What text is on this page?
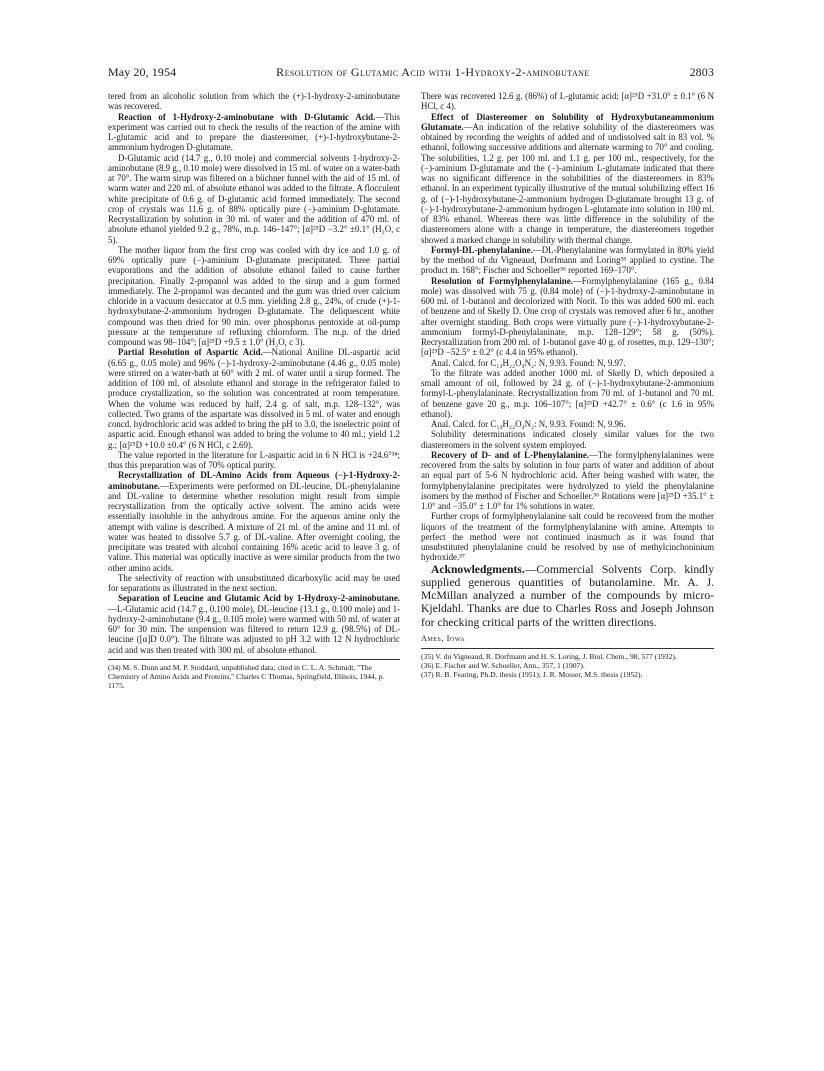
May 20, 1954	Resolution of Glutamic Acid with 1-Hydroxy-2-aminobutane	2803

tered from an alcoholic solution from which the (+)-1-hydroxy-2-aminobutane was recovered.

Reaction of 1-Hydroxy-2-aminobutane with D-Glutamic Acid.—This experiment was carried out to check the results of the reaction of the amine with L-glutamic acid and to prepare the diastereomer, (+)-1-hydroxybutane-2-ammonium hydrogen D-glutamate.

D-Glutamic acid (14.7 g., 0.10 mole) and commercial solvents 1-hydroxy-2-aminobutane (8.9 g., 0.10 mole) were dissolved in 15 ml. of water on a water-bath at 70°. The warm sirup was filtered on a büchner funnel with the aid of 15 ml. of warm water and 220 ml. of absolute ethanol was added to the filtrate. A flocculent white precipitate of 0.6 g. of D-glutamic acid formed immediately. The second crop of crystals was 11.6 g. of 88% optically pure (−)-aminium D-glutamate. Recrystallization by solution in 30 ml. of water and the addition of 470 ml. of absolute ethanol yielded 9.2 g., 78%, m.p. 146–147°; [α]²⁵D −3.2° ±0.1° (H₂O, c 5).

The mother liquor from the first crop was cooled with dry ice and 1.0 g. of 69% optically pure (−)-aminium D-glutamate precipitated. Three partial evaporations and the addition of absolute ethanol failed to cause further precipitation. Finally 2-propanol was added to the sirup and a gum formed immediately. The 2-propanol was decanted and the gum was dried over calcium chloride in a vacuum desiccator at 0.5 mm. yielding 2.8 g., 24%, of crude (+)-1-hydroxybutane-2-ammonium hydrogen D-glutamate. The deliquescent white compound was then dried for 90 min. over phosphorus pentoxide at oil-pump pressure at the temperature of refluxing chloroform. The m.p. of the dried compound was 98–104°; [α]²⁵D +9.5 ± 1.0° (H₂O, c 3).

Partial Resolution of Aspartic Acid.—National Aniline DL-aspartic acid (6.65 g., 0.05 mole) and 96% (−)-1-hydroxy-2-aminobutane (4.46 g., 0.05 mole) were stirred on a water-bath at 60° with 2 ml. of water until a sirup formed. The addition of 100 ml. of absolute ethanol and storage in the refrigerator failed to produce crystallization, so the solution was concentrated at room temperature. When the volume was reduced by half, 2.4 g. of salt, m.p. 128–132°, was collected. Two grams of the aspartate was dissolved in 5 ml. of water and enough concd. hydrochloric acid was added to bring the pH to 3.0, the isoelectric point of aspartic acid. Enough ethanol was added to bring the volume to 40 ml.; yield 1.2 g.; [α]²⁵D +10.0 ±0.4° (6 N HCl, c 2.69).

The value reported in the literature for L-aspartic acid in 6 N HCl is +24.6°³⁴; thus this preparation was of 70% optical purity.

Recrystallization of DL-Amino Acids from Aqueous (−)-1-Hydroxy-2-aminobutane.—Experiments were performed on DL-leucine, DL-phenylalanine and DL-valine to determine whether resolution might result from simple recrystallization from the optically active solvent. The amino acids were essentially insoluble in the anhydrous amine. For the aqueous amine only the attempt with valine is described. A mixture of 21 ml. of the amine and 11 ml. of water was heated to dissolve 5.7 g. of DL-valine. After overnight cooling, the precipitate was treated with alcohol containing 16% acetic acid to leave 3 g. of valine. This material was optically inactive as were similar products from the two other amino acids.

The selectivity of reaction with unsubstituted dicarboxylic acid may be used for separations as illustrated in the next section.

Separation of Leucine and Glutamic Acid by 1-Hydroxy-2-aminobutane.—L-Glutamic acid (14.7 g., 0.100 mole), DL-leucine (13.1 g., 0.100 mole) and 1-hydroxy-2-aminobutane (9.4 g., 0.105 mole) were warmed with 50 ml. of water at 60° for 30 min. The suspension was filtered to return 12.9 g. (98.5%) of DL-leucine ([α]D 0.0°). The filtrate was adjusted to pH 3.2 with 12 N hydrochloric acid and was then treated with 300 ml. of absolute ethanol.

(34) M. S. Dunn and M. P. Stoddard, unpublished data; cited in C. L. A. Schmidt, "The Chemistry of Amino Acids and Proteins," Charles C Thomas, Springfield, Illinois, 1944, p. 1175.

There was recovered 12.6 g. (86%) of L-glutamic acid; [α]²⁵D +31.0° ± 0.1° (6 N HCl, c 4).

Effect of Diastereomer on Solubility of Hydroxybutaneammonium Glutamate.—An indication of the relative solubility of the diastereomers was obtained by recording the weights of added and of undissolved salt in 83 vol. % ethanol, following successive additions and alternate warming to 70° and cooling. The solubilities, 1.2 g. per 100 ml. and 1.1 g. per 100 ml., respectively, for the (−)-aminium D-glutamate and the (−)-aminium L-glutamate indicated that there was no significant difference in the solubilities of the diastereomers in 83% ethanol. In an experiment typically illustrative of the mutual solubilizing effect 16 g. of (−)-1-hydroxybutane-2-ammonium hydrogen D-glutamate brought 13 g. of (−)-1-hydroxybutane-2-ammonium hydrogen L-glutamate into solution in 100 ml. of 83% ethanol. Whereas there was little difference in the solubility of the diastereomers alone with a change in temperature, the diastereomers together showed a marked change in solubility with thermal change.

Formyl-DL-phenylalanine.—DL-Phenylalanine was formylated in 80% yield by the method of du Vigneaud, Dorfmann and Loring³⁵ applied to cystine. The product m. 168°; Fischer and Schoeller³⁶ reported 169–170°.

Resolution of Formylphenylalanine.—Formylphenylalanine (165 g., 0.84 mole) was dissolved with 75 g. (0.84 mole) of (−)-1-hydroxy-2-aminobutane in 600 ml. of 1-butanol and decolorized with Norit. To this was added 600 ml. each of benzene and of Skelly D. One crop of crystals was removed after 6 hr., another after overnight standing. Both crops were virtually pure (−)-1-hydroxybutane-2-ammonium formyl-D-phenylalaninate, m.p. 128–129°; 58 g. (50%). Recrystallization from 200 ml. of 1-butanol gave 40 g. of rosettes, m.p. 129–130°; [α]²⁵D −52.5° ± 0.2° (c 4.4 in 95% ethanol).

Anal. Calcd. for C₁₄H₂₂O₄N₂: N, 9.93. Found: N, 9.97.

To the filtrate was added another 1000 ml. of Skelly D, which deposited a small amount of oil, followed by 24 g. of (−)-1-hydroxybutane-2-ammonium formyl-L-phenylalaninate. Recrystallization from 70 ml. of 1-butanol and 70 ml. of benzene gave 20 g., m.p. 106–107°; [α]²⁵D +42.7° ± 0.6° (c 1.6 in 95% ethanol).

Anal. Calcd. for C₁₄H₂₂O₄N₂: N, 9.93. Found: N, 9.96.

Solubility determinations indicated closely similar values for the two diastereomers in the solvent system employed.

Recovery of D- and of L-Phenylalanine.—The formylphenylalanines were recovered from the salts by solution in four parts of water and addition of about an equal part of 5-6 N hydrochloric acid. After being washed with water, the formylphenylalanine precipitates were hydrolyzed to yield the phenylalanine isomers by the method of Fischer and Schoeller.³⁶ Rotations were [α]²⁵D +35.1° ± 1.0° and −35.0° ± 1.0° for 1% solutions in water.

Further crops of formylphenylalanine salt could be recovered from the mother liquors of the treatment of the formylphenylalanine with amine. Attempts to perfect the method were not continued inasmuch as it was found that unsubstituted phenylalanine could be resolved by use of methylcinchoninium hydroxide.³⁷

Acknowledgments.—Commercial Solvents Corp. kindly supplied generous quantities of butanolamine. Mr. A. J. McMillan analyzed a number of the compounds by micro-Kjeldahl. Thanks are due to Charles Ross and Joseph Johnson for checking critical parts of the written directions.

Ames, Iowa

(35) V. du Vigneaud, R. Dorfmann and H. S. Loring, J. Biol. Chem., 98, 577 (1932).

(36) E. Fischer and W. Schoeller, Ann., 357, 1 (1907).

(37) R. B. Fearing, Ph.D. thesis (1951); J. R. Mosser, M.S. thesis (1952).
